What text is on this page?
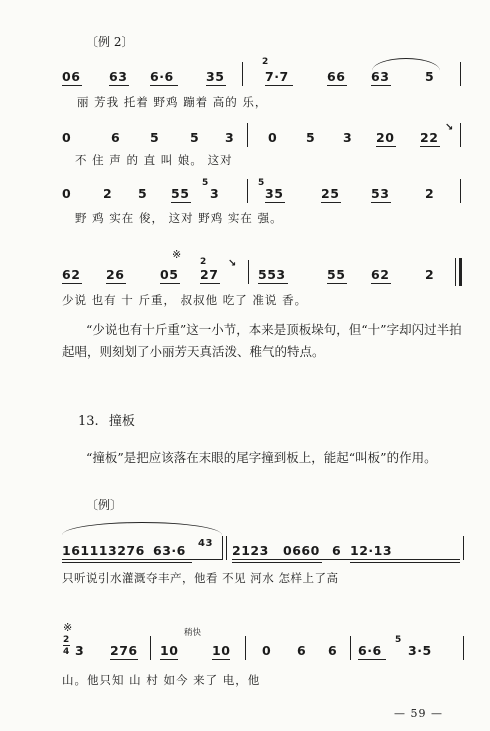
〔例 2〕
06 63 6·6	35
2
7·7	66 63	5
丽 芳我 托着 野鸡 蹦着 高的 乐，
0	6 5 5 3	0 5 3 20 22
↘
不 住 声 的 直 叫 娘。 这对
0	2 5 55
5
3
5
35	25	53	2
野 鸡 实在 俊， 这对 野鸡 实在 强。
※
62 26	05
2
27
↘
553	55 62	2
少说 也有 十 斤重， 叔叔他 吃了 准说 香。
“少说也有十斤重”这一小节，本来是顶板垛句，但“十”字却闪过半拍起唱，则刻划了小丽芳天真活泼、稚气的特点。
13. 撞板
“撞板”是把应该落在末眼的尾字撞到板上，能起“叫板”的作用。
〔例〕
16111 3276 63·6 43 2123 0660 6 12·13
只听说引水灌溉夺丰产，他看 不见 河水 怎样上了高
※	稍快
2
4 3 276 10	10	0 6 6 6·6
5
3·5
山。他只知 山 村 如今 来了 电，他
— 59 —
